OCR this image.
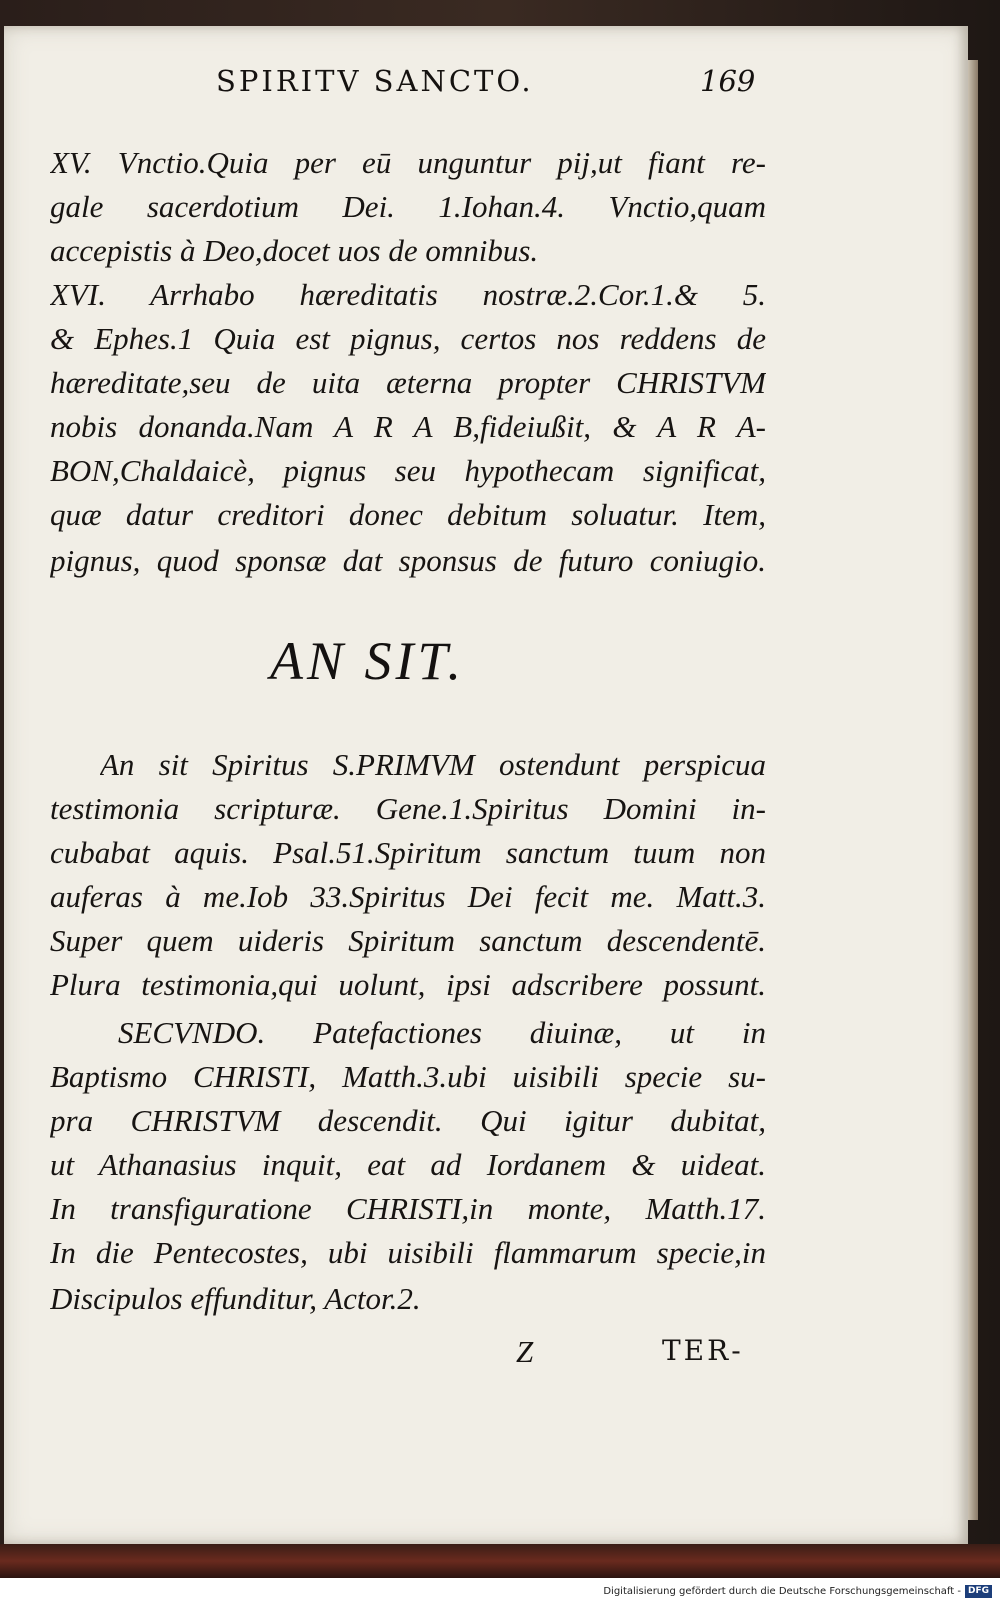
SPIRITV SANCTO.	169
XV. Vnctio.Quia per eū unguntur pij,ut fiant re-
gale sacerdotium Dei. 1.Iohan.4. Vnctio,quam
accepistis à Deo,docet uos de omnibus.
XVI. Arrhabo hæreditatis nostræ.2.Cor.1.& 5.
& Ephes.1 Quia est pignus, certos nos reddens de
hæreditate,seu de uita æterna propter CHRISTVM
nobis donanda.Nam A R A B,fideiußit, & A R A-
BON,Chaldaicè, pignus seu hypothecam significat,
quæ datur creditori donec debitum soluatur. Item,
pignus, quod sponsæ dat sponsus de futuro coniugio.
AN SIT.
An sit Spiritus S.PRIMVM ostendunt perspicua
testimonia scripturæ. Gene.1.Spiritus Domini in-
cubabat aquis. Psal.51.Spiritum sanctum tuum non
auferas à me.Iob 33.Spiritus Dei fecit me. Matt.3.
Super quem uideris Spiritum sanctum descendentē.
Plura testimonia,qui uolunt, ipsi adscribere possunt.
SECVNDO. Patefactiones diuinæ, ut in
Baptismo CHRISTI, Matth.3.ubi uisibili specie su-
pra CHRISTVM descendit. Qui igitur dubitat,
ut Athanasius inquit, eat ad Iordanem & uideat.
In transfiguratione CHRISTI,in monte, Matth.17.
In die Pentecostes, ubi uisibili flammarum specie,in
Discipulos effunditur, Actor.2.
Z	TER-
Digitalisierung gefördert durch die Deutsche Forschungsgemeinschaft - DFG
